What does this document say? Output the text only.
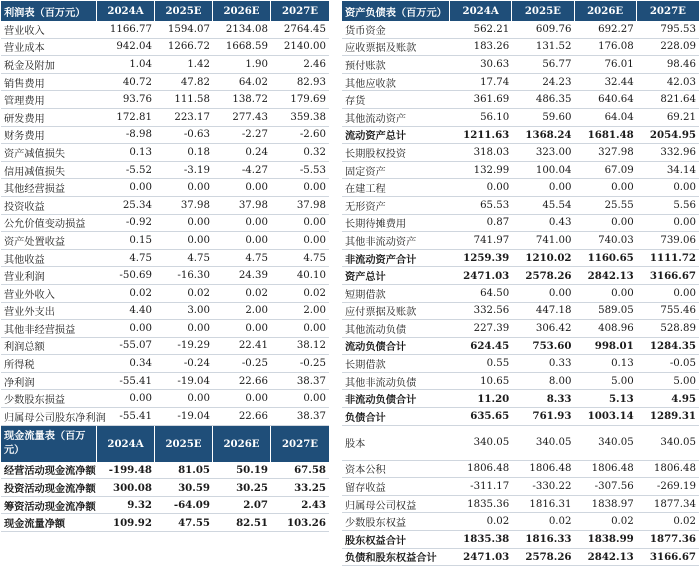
利润表（百万元）	2024A	2025E	2026E	2027E
营业收入	1166.77	1594.07	2134.08	2764.45
营业成本	942.04	1266.72	1668.59	2140.00
税金及附加	1.04	1.42	1.90	2.46
销售费用	40.72	47.82	64.02	82.93
管理费用	93.76	111.58	138.72	179.69
研发费用	172.81	223.17	277.43	359.38
财务费用	-8.98	-0.63	-2.27	-2.60
资产减值损失	0.13	0.18	0.24	0.32
信用减值损失	-5.52	-3.19	-4.27	-5.53
其他经营损益	0.00	0.00	0.00	0.00
投资收益	25.34	37.98	37.98	37.98
公允价值变动损益	-0.92	0.00	0.00	0.00
资产处置收益	0.15	0.00	0.00	0.00
其他收益	4.75	4.75	4.75	4.75
营业利润	-50.69	-16.30	24.39	40.10
营业外收入	0.02	0.02	0.02	0.02
营业外支出	4.40	3.00	2.00	2.00
其他非经营损益	0.00	0.00	0.00	0.00
利润总额	-55.07	-19.29	22.41	38.12
所得税	0.34	-0.24	-0.25	-0.25
净利润	-55.41	-19.04	22.66	38.37
少数股东损益	0.00	0.00	0.00	0.00
归属母公司股东净利润	-55.41	-19.04	22.66	38.37
现金流量表（百万元）	2024A	2025E	2026E	2027E
经营活动现金流净额	-199.48	81.05	50.19	67.58
投资活动现金流净额	300.08	30.59	30.25	33.25
筹资活动现金流净额	9.32	-64.09	2.07	2.43
现金流量净额	109.92	47.55	82.51	103.26
资产负债表（百万元）	2024A	2025E	2026E	2027E
货币资金	562.21	609.76	692.27	795.53
应收票据及账款	183.26	131.52	176.08	228.09
预付账款	30.63	56.77	76.01	98.46
其他应收款	17.74	24.23	32.44	42.03
存货	361.69	486.35	640.64	821.64
其他流动资产	56.10	59.60	64.04	69.21
流动资产总计	1211.63	1368.24	1681.48	2054.95
长期股权投资	318.03	323.00	327.98	332.96
固定资产	132.99	100.04	67.09	34.14
在建工程	0.00	0.00	0.00	0.00
无形资产	65.53	45.54	25.55	5.56
长期待摊费用	0.87	0.43	0.00	0.00
其他非流动资产	741.97	741.00	740.03	739.06
非流动资产合计	1259.39	1210.02	1160.65	1111.72
资产总计	2471.03	2578.26	2842.13	3166.67
短期借款	64.50	0.00	0.00	0.00
应付票据及账款	332.56	447.18	589.05	755.46
其他流动负债	227.39	306.42	408.96	528.89
流动负债合计	624.45	753.60	998.01	1284.35
长期借款	0.55	0.33	0.13	-0.05
其他非流动负债	10.65	8.00	5.00	5.00
非流动负债合计	11.20	8.33	5.13	4.95
负债合计	635.65	761.93	1003.14	1289.31
股本	340.05	340.05	340.05	340.05
资本公积	1806.48	1806.48	1806.48	1806.48
留存收益	-311.17	-330.22	-307.56	-269.19
归属母公司权益	1835.36	1816.31	1838.97	1877.34
少数股东权益	0.02	0.02	0.02	0.02
股东权益合计	1835.38	1816.33	1838.99	1877.36
负债和股东权益合计	2471.03	2578.26	2842.13	3166.67
